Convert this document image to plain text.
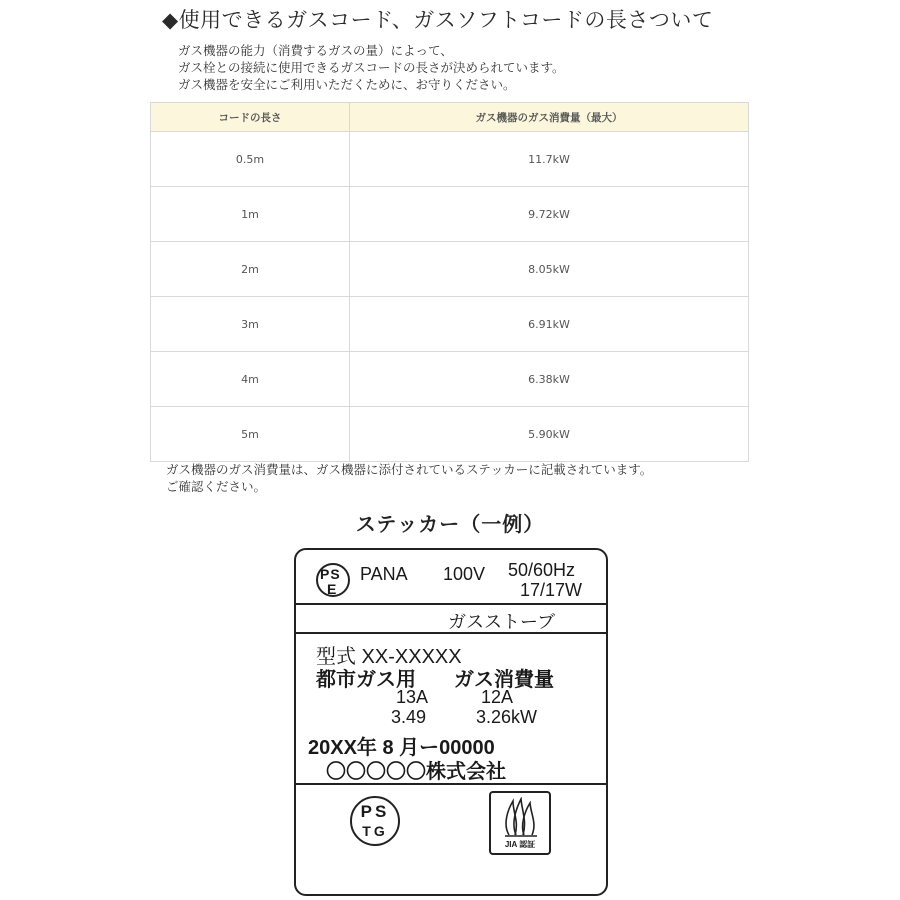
◆使用できるガスコード、ガスソフトコードの長さついて
ガス機器の能力（消費するガスの量）によって、
ガス栓との接続に使用できるガスコードの長さが決められています。
ガス機器を安全にご利用いただくために、お守りください。
コードの長さ	ガス機器のガス消費量（最大）
0.5m	11.7kW
1m	9.72kW
2m	8.05kW
3m	6.91kW
4m	6.38kW
5m	5.90kW
ガス機器のガス消費量は、ガス機器に添付されているステッカーに記載されています。
ご確認ください。
ステッカー（一例）
PS
E
PANA 100V 50/60Hz
17/17W
ガスストーブ
型式 XX-XXXXX
都市ガス用 ガス消費量
13A	12A
3.49	3.26kW
20XX年 8 月ー00000
〇〇〇〇〇株式会社
PS
TG
JIA 認証
